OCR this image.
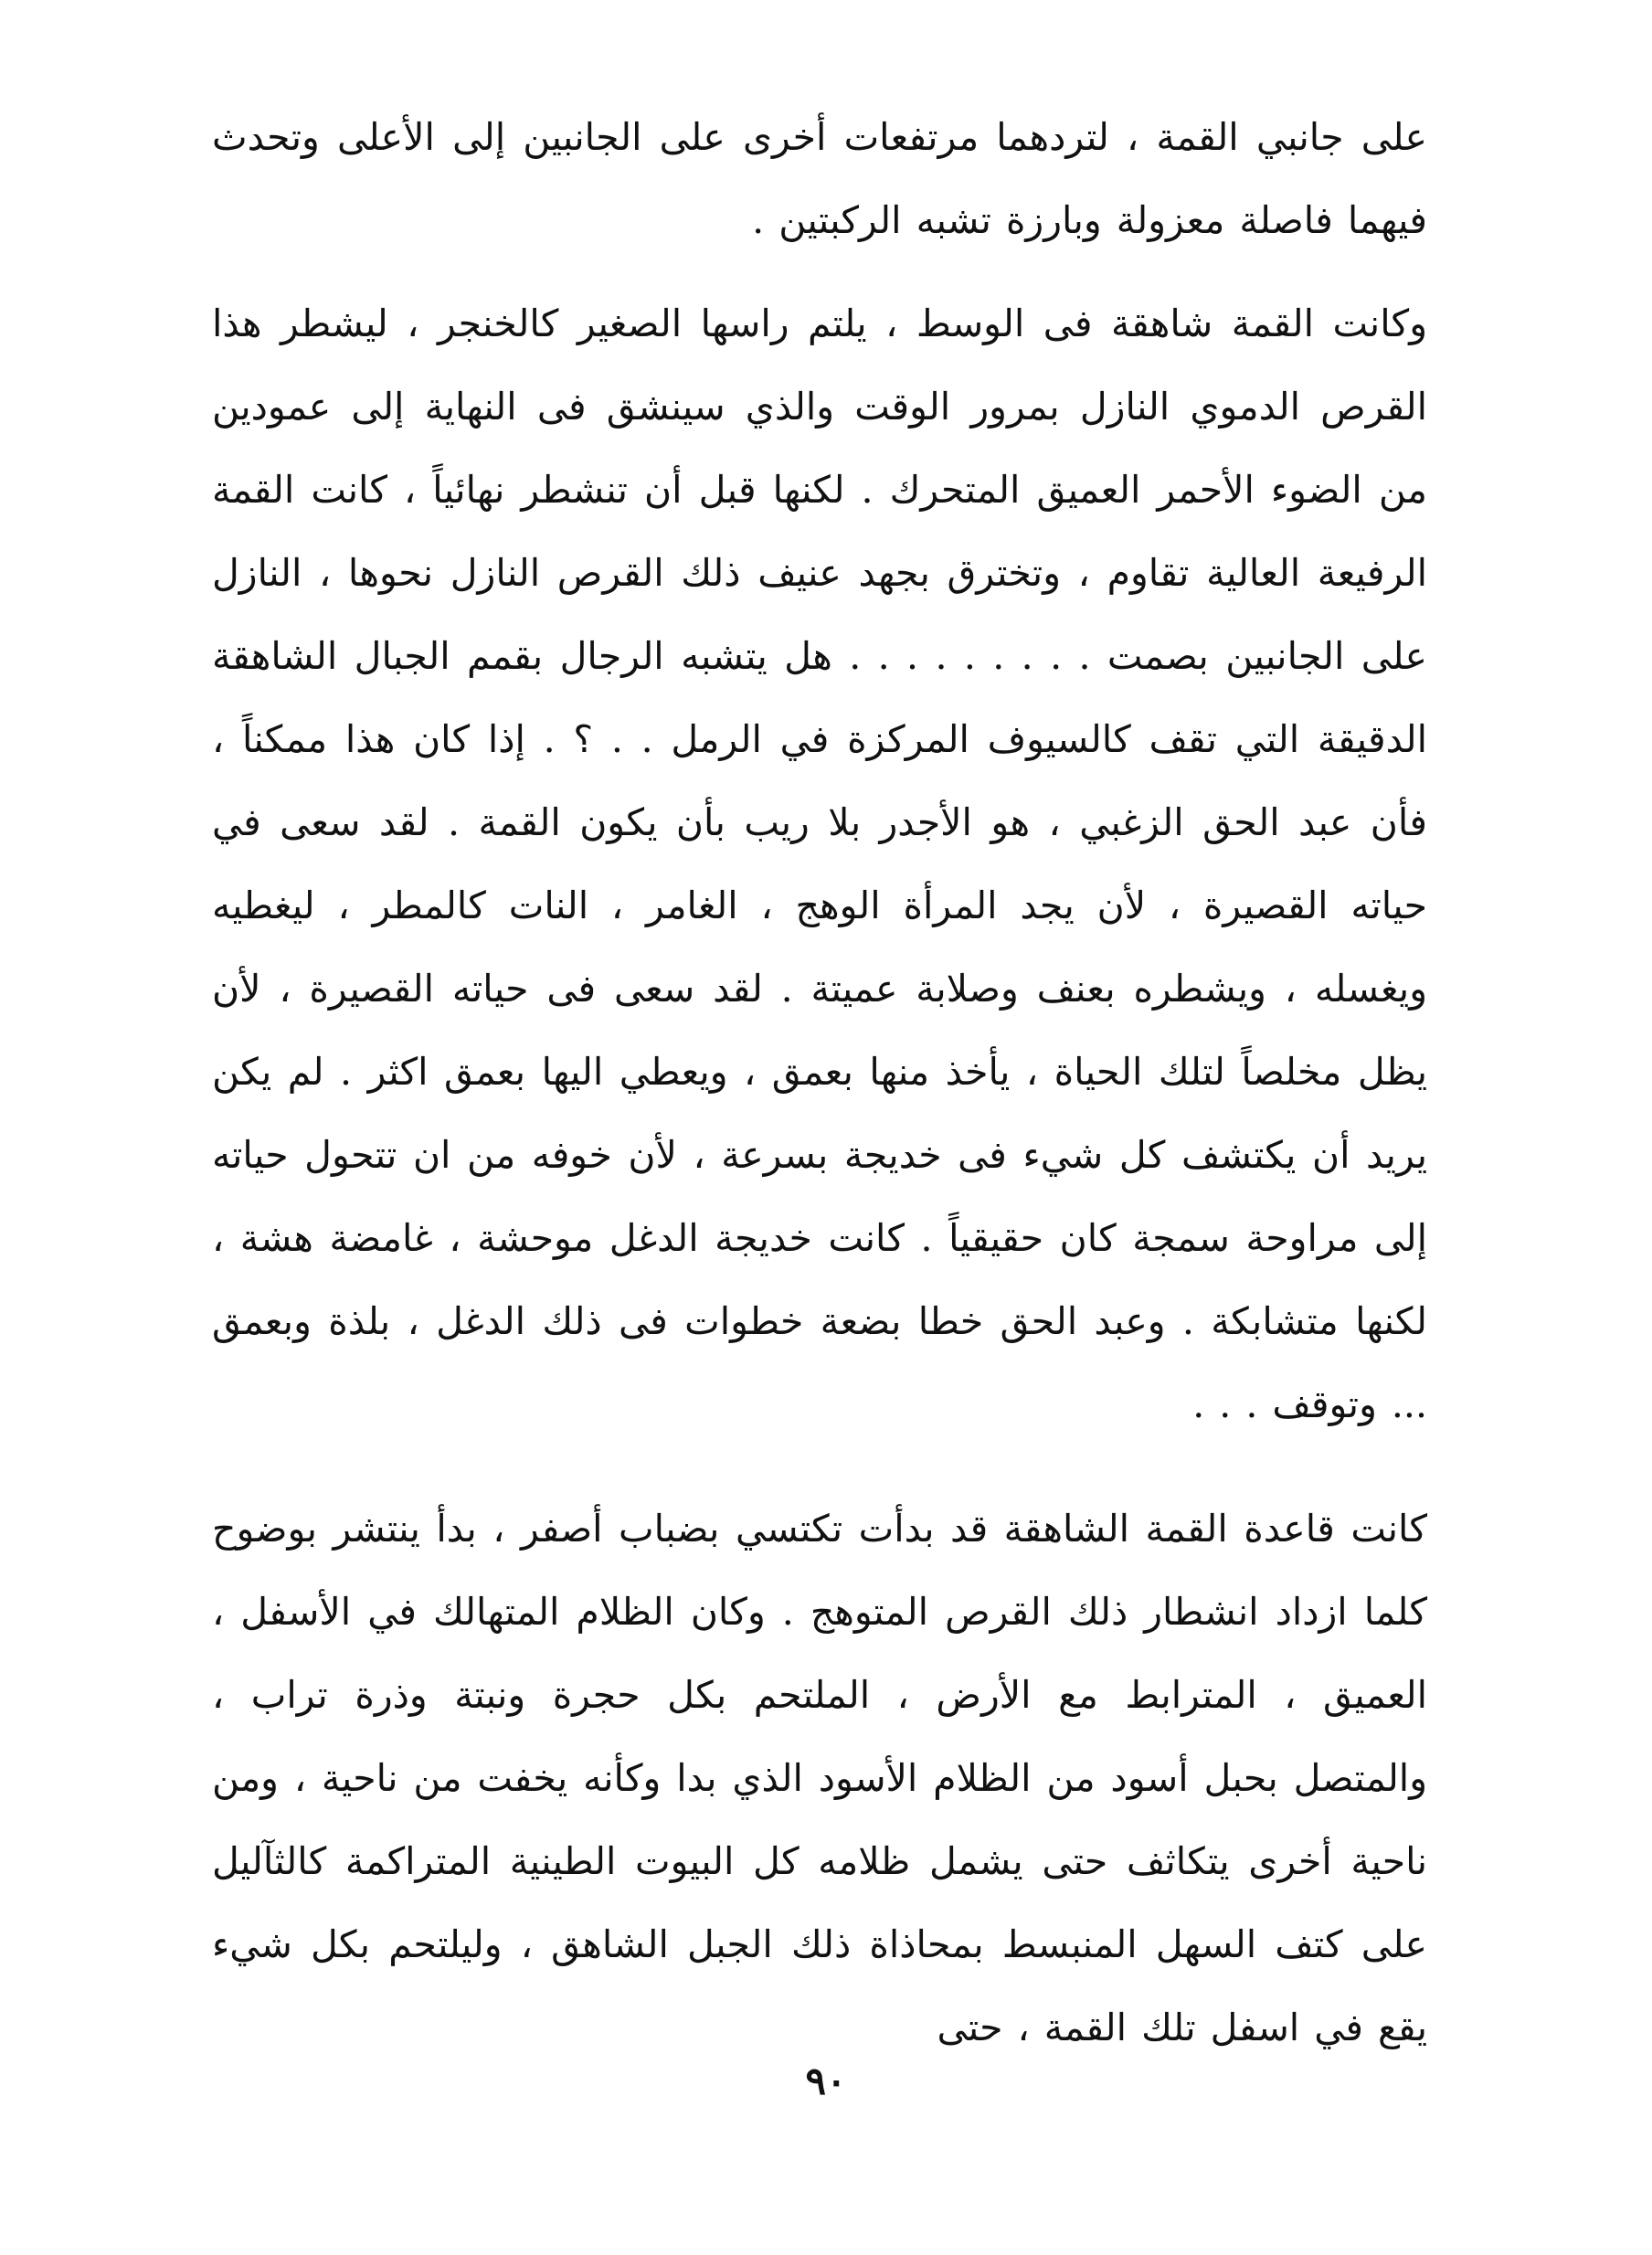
على جانبي القمة ، لترد‌هما مرتفعات أخرى على الجانبين إلى الأعلى وتحدث فيهما فاصلة معزولة وبارزة تشبه الركبتين .

وكانت القمة شاهقة فى الوسط ، يلتم راسها الصغير كالخنجر ، ليشطر هذا القرص الدموي النازل بمرور الوقت والذي سينشق فى النهاية إلى عمودين من الضوء الأحمر العميق المتحرك . لكنها قبل أن تنشطر نهائياً ، كانت القمة الرفيعة العالية تقاوم ، وتخترق بجهد عنيف ذلك القرص النازل نحوها ، النازل على الجانبين بصمت . . . . . . . . . هل يتشبه الرجال بقمم الجبال الشاهقة الدقيقة التي تقف كالسيوف المركزة في الرمل . . ؟ . إذا كان هذا ممكناً ، فأن عبد الحق الزغبي ، هو الأجدر بلا ريب بأن يكون القمة . لقد سعى في حياته القصيرة ، لأن يجد المرأة الوهج ، الغامر ، النات كالمطر ، ليغطيه ويغسله ، ويشطره بعنف وصلابة عميتة . لقد سعى فى حياته القصيرة ، لأن يظل مخلصاً لتلك الحياة ، يأخذ منها بعمق ، ويعطي اليها بعمق اكثر . لم يكن يريد أن يكتشف كل شيء فى خديجة بسرعة ، لأن خوفه من ان تتحول حياته إلى مراوحة سمجة كان حقيقياً . كانت خديجة الدغل موحشة ، غامضة هشة ، لكنها متشابكة . وعبد الحق خطا بضعة خطوات فى ذلك الدغل ، بلذة وبعمق ... وتوقف . . .

كانت قاعدة القمة الشاهقة قد بدأت تكتسي بضباب أصفر ، بدأ ينتشر بوضوح كلما ازداد انشطار ذلك القرص المتوهج . وكان الظلام المتهالك في الأسفل ، العميق ، المترابط مع الأرض ، الملتحم بكل حجرة ونبتة وذرة تراب ، والمتصل بحبل أسود من الظلام الأسود الذي بدا وكأنه يخفت من ناحية ، ومن ناحية أخرى يتكاثف حتى يشمل ظلامه كل البيوت الطينية المتراكمة كالثآليل على كتف السهل المنبسط بمحاذاة ذلك الجبل الشاهق ، وليلتحم بكل شيء يقع في اسفل تلك القمة ، حتى

٩٠
